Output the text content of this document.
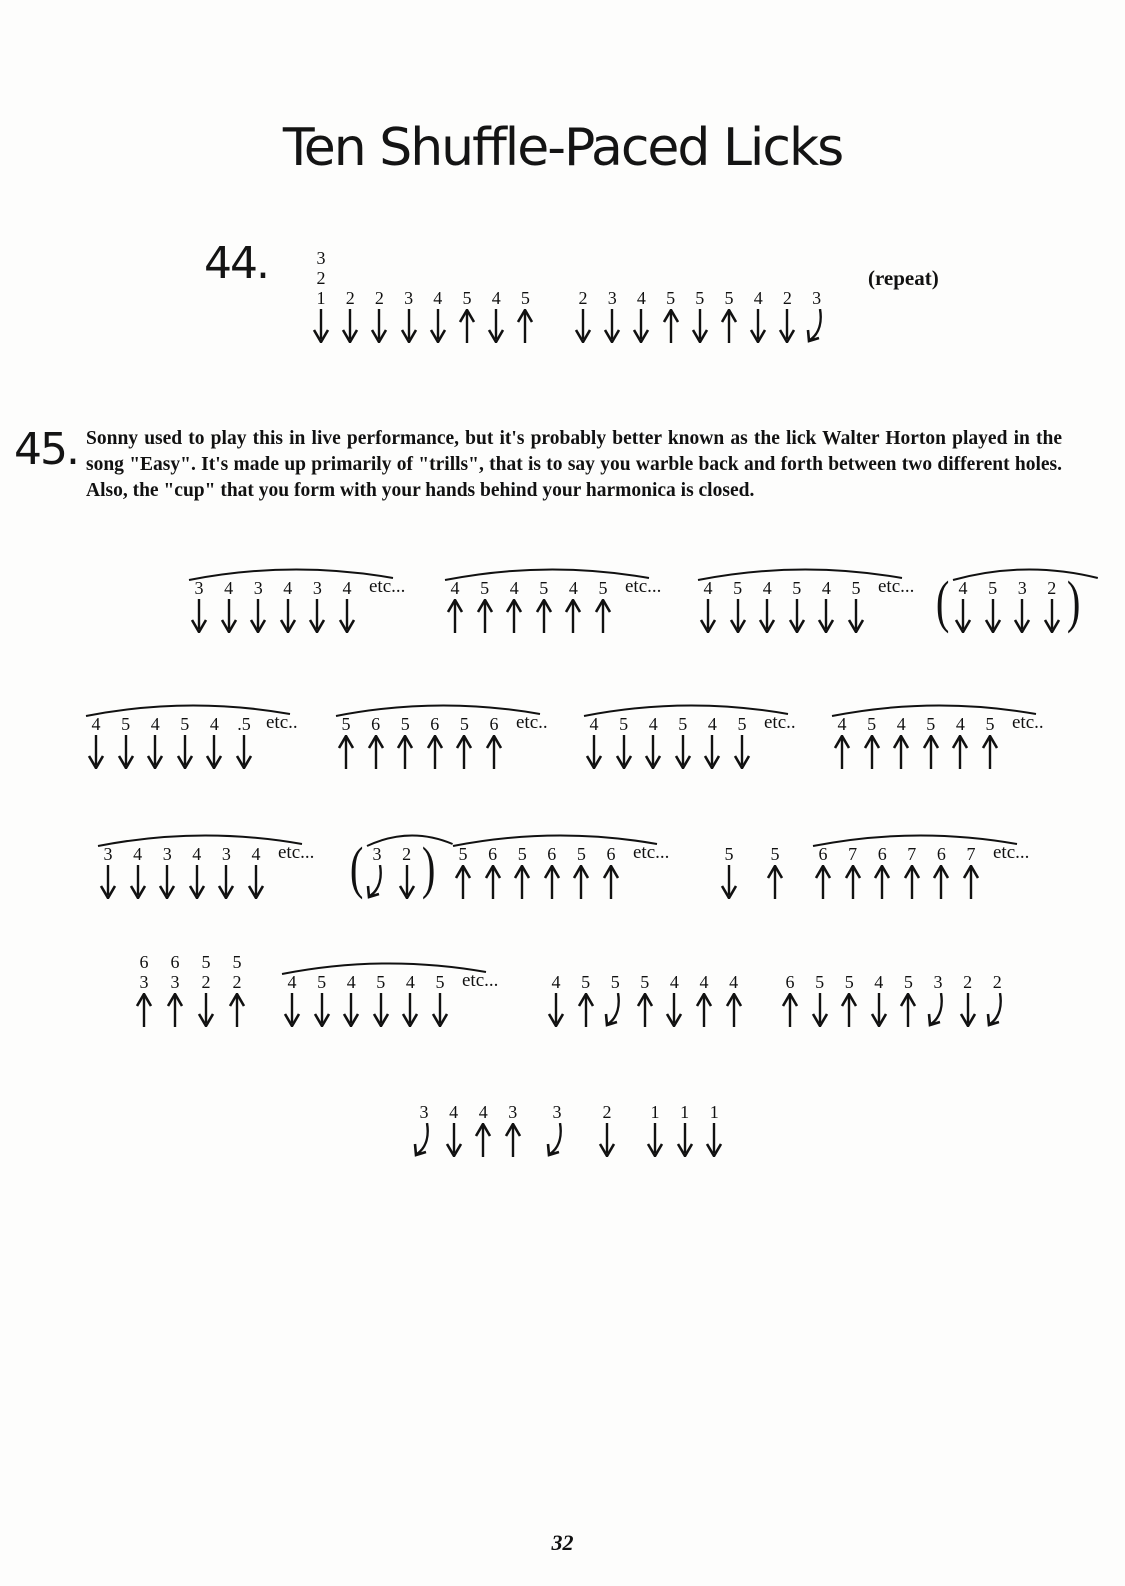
Ten Shuffle-Paced Licks
44.	(repeat)
3
2
1	2	2	3	4	5	4	5	2	3	4	5	5	5	4	2	3
45. Sonny used to play this in live performance, but it's probably better known as the lick Walter Horton played in the song "Easy". It's made up primarily of "trills", that is to say you warble back and forth between two different holes. Also, the "cup" that you form with your hands behind your harmonica is closed.

3	4	3	4	3	4 etc...	4	5	4	5	4	5 etc...	4	5	4	5	4	5 etc...	4	5	3	2
( )
4	5	4	5	4	.5 etc..	5	6	5	6	5	6 etc..	4	5	4	5	4	5 etc..	4	5	4	5	4	5 etc..
3	4	3	4	3	4 etc...	3	2
( )	5	6	5	6	5	6 etc...	5	5	6	7	6	7	6	7 etc...
6
3
6
3
5
2
5
2	4	5	4	5	4	5 etc...	4	5	5	5	4	4	4	6	5	5	4	5	3	2	2
3	4	4	3	3	2	1	1	1
32
